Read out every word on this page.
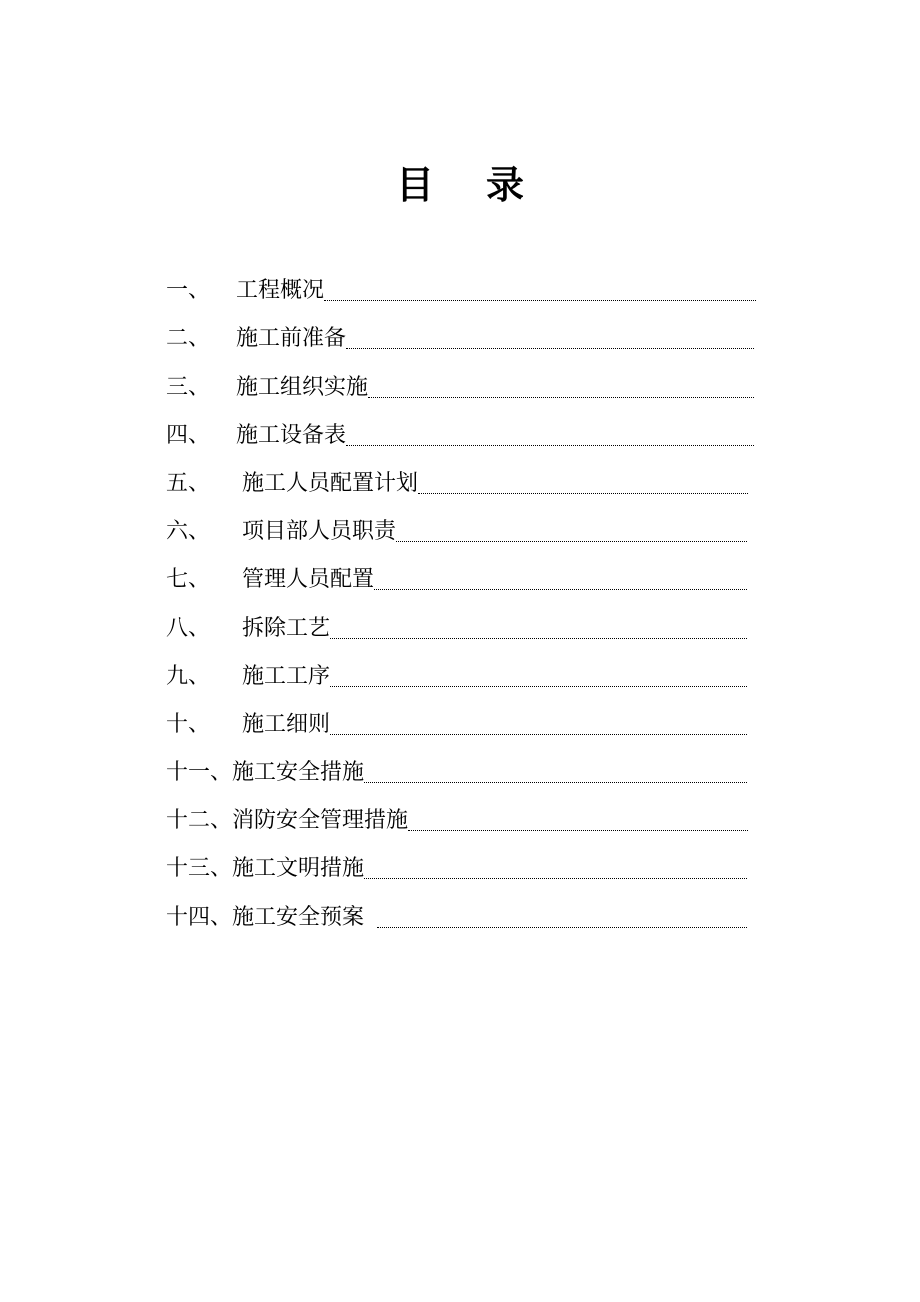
目 录
一、	工程概况
二、	施工前准备
三、	施工组织实施
四、	施工设备表
五、	施工人员配置计划
六、	项目部人员职责
七、	管理人员配置
八、	拆除工艺
九、	施工工序
十、	施工细则
十一、 施工安全措施
十二、 消防安全管理措施
十三、 施工文明措施
十四、 施工安全预案
